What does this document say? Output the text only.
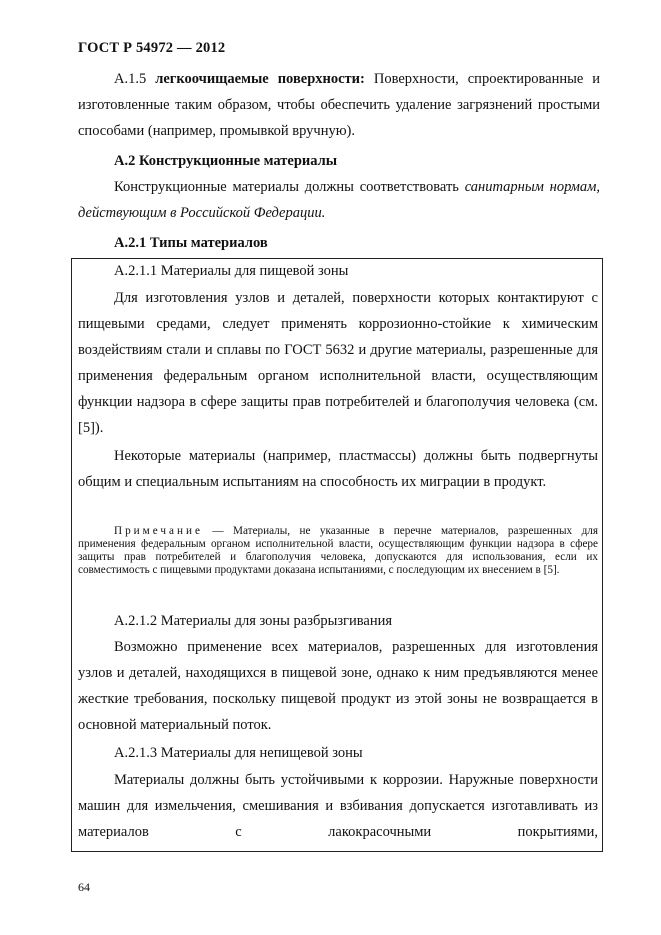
ГОСТ Р 54972 — 2012
А.1.5 легкоочищаемые поверхности: Поверхности, спроектированные и изготовленные таким образом, чтобы обеспечить удаление загрязнений простыми способами (например, промывкой вручную).
А.2 Конструкционные материалы
Конструкционные материалы должны соответствовать санитарным нормам, действующим в Российской Федерации.
А.2.1 Типы материалов
А.2.1.1 Материалы для пищевой зоны
Для изготовления узлов и деталей, поверхности которых контактируют с пищевыми средами, следует применять коррозионно-стойкие к химическим воздействиям стали и сплавы по ГОСТ 5632 и другие материалы, разрешенные для применения федеральным органом исполнительной власти, осуществляющим функции надзора в сфере защиты прав потребителей и благополучия человека (см. [5]).
Некоторые материалы (например, пластмассы) должны быть подвергнуты общим и специальным испытаниям на способность их миграции в продукт.
Примечание — Материалы, не указанные в перечне материалов, разрешенных для применения федеральным органом исполнительной власти, осуществляющим функции надзора в сфере защиты прав потребителей и благополучия человека, допускаются для использования, если их совместимость с пищевыми продуктами доказана испытаниями, с последующим их внесением в [5].
А.2.1.2 Материалы для зоны разбрызгивания
Возможно применение всех материалов, разрешенных для изготовления узлов и деталей, находящихся в пищевой зоне, однако к ним предъявляются менее жесткие требования, поскольку пищевой продукт из этой зоны не возвращается в основной материальный поток.
А.2.1.3 Материалы для непищевой зоны
Материалы должны быть устойчивыми к коррозии. Наружные поверхности машин для измельчения, смешивания и взбивания допускается изготавливать из материалов с лакокрасочными покрытиями,
64
